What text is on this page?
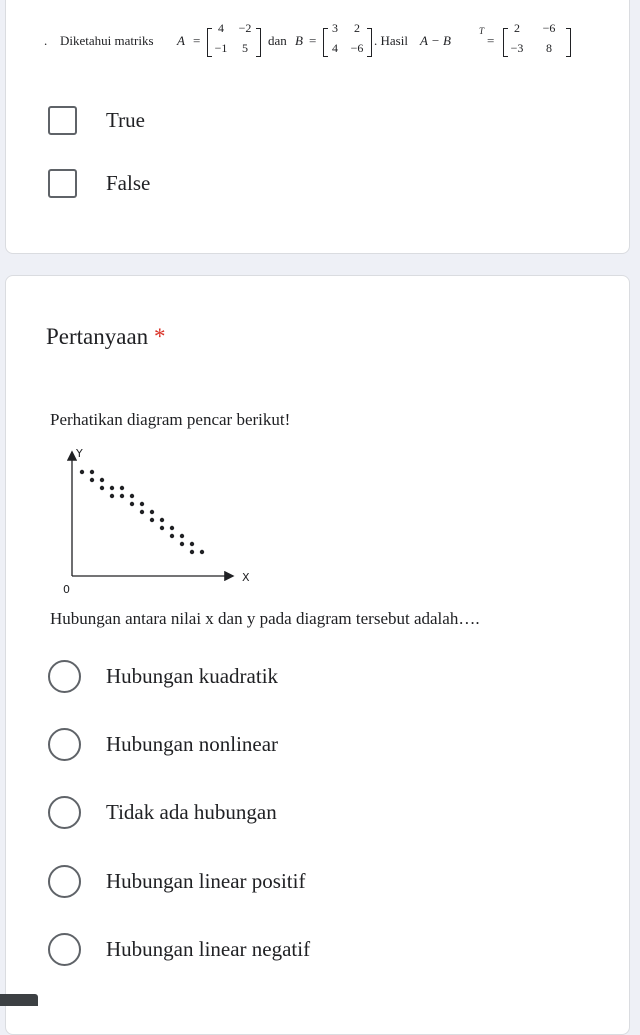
. Diketahui matriks A =
4	−2
−1	5	dan B =
3	2
4	−6 . Hasil A − B
T
=
2	−6
−3	8
True
False
Pertanyaan *
Perhatikan diagram pencar berikut!
Y
X
0
Hubungan antara nilai x dan y pada diagram tersebut adalah….
Hubungan kuadratik
Hubungan nonlinear
Tidak ada hubungan
Hubungan linear positif
Hubungan linear negatif
